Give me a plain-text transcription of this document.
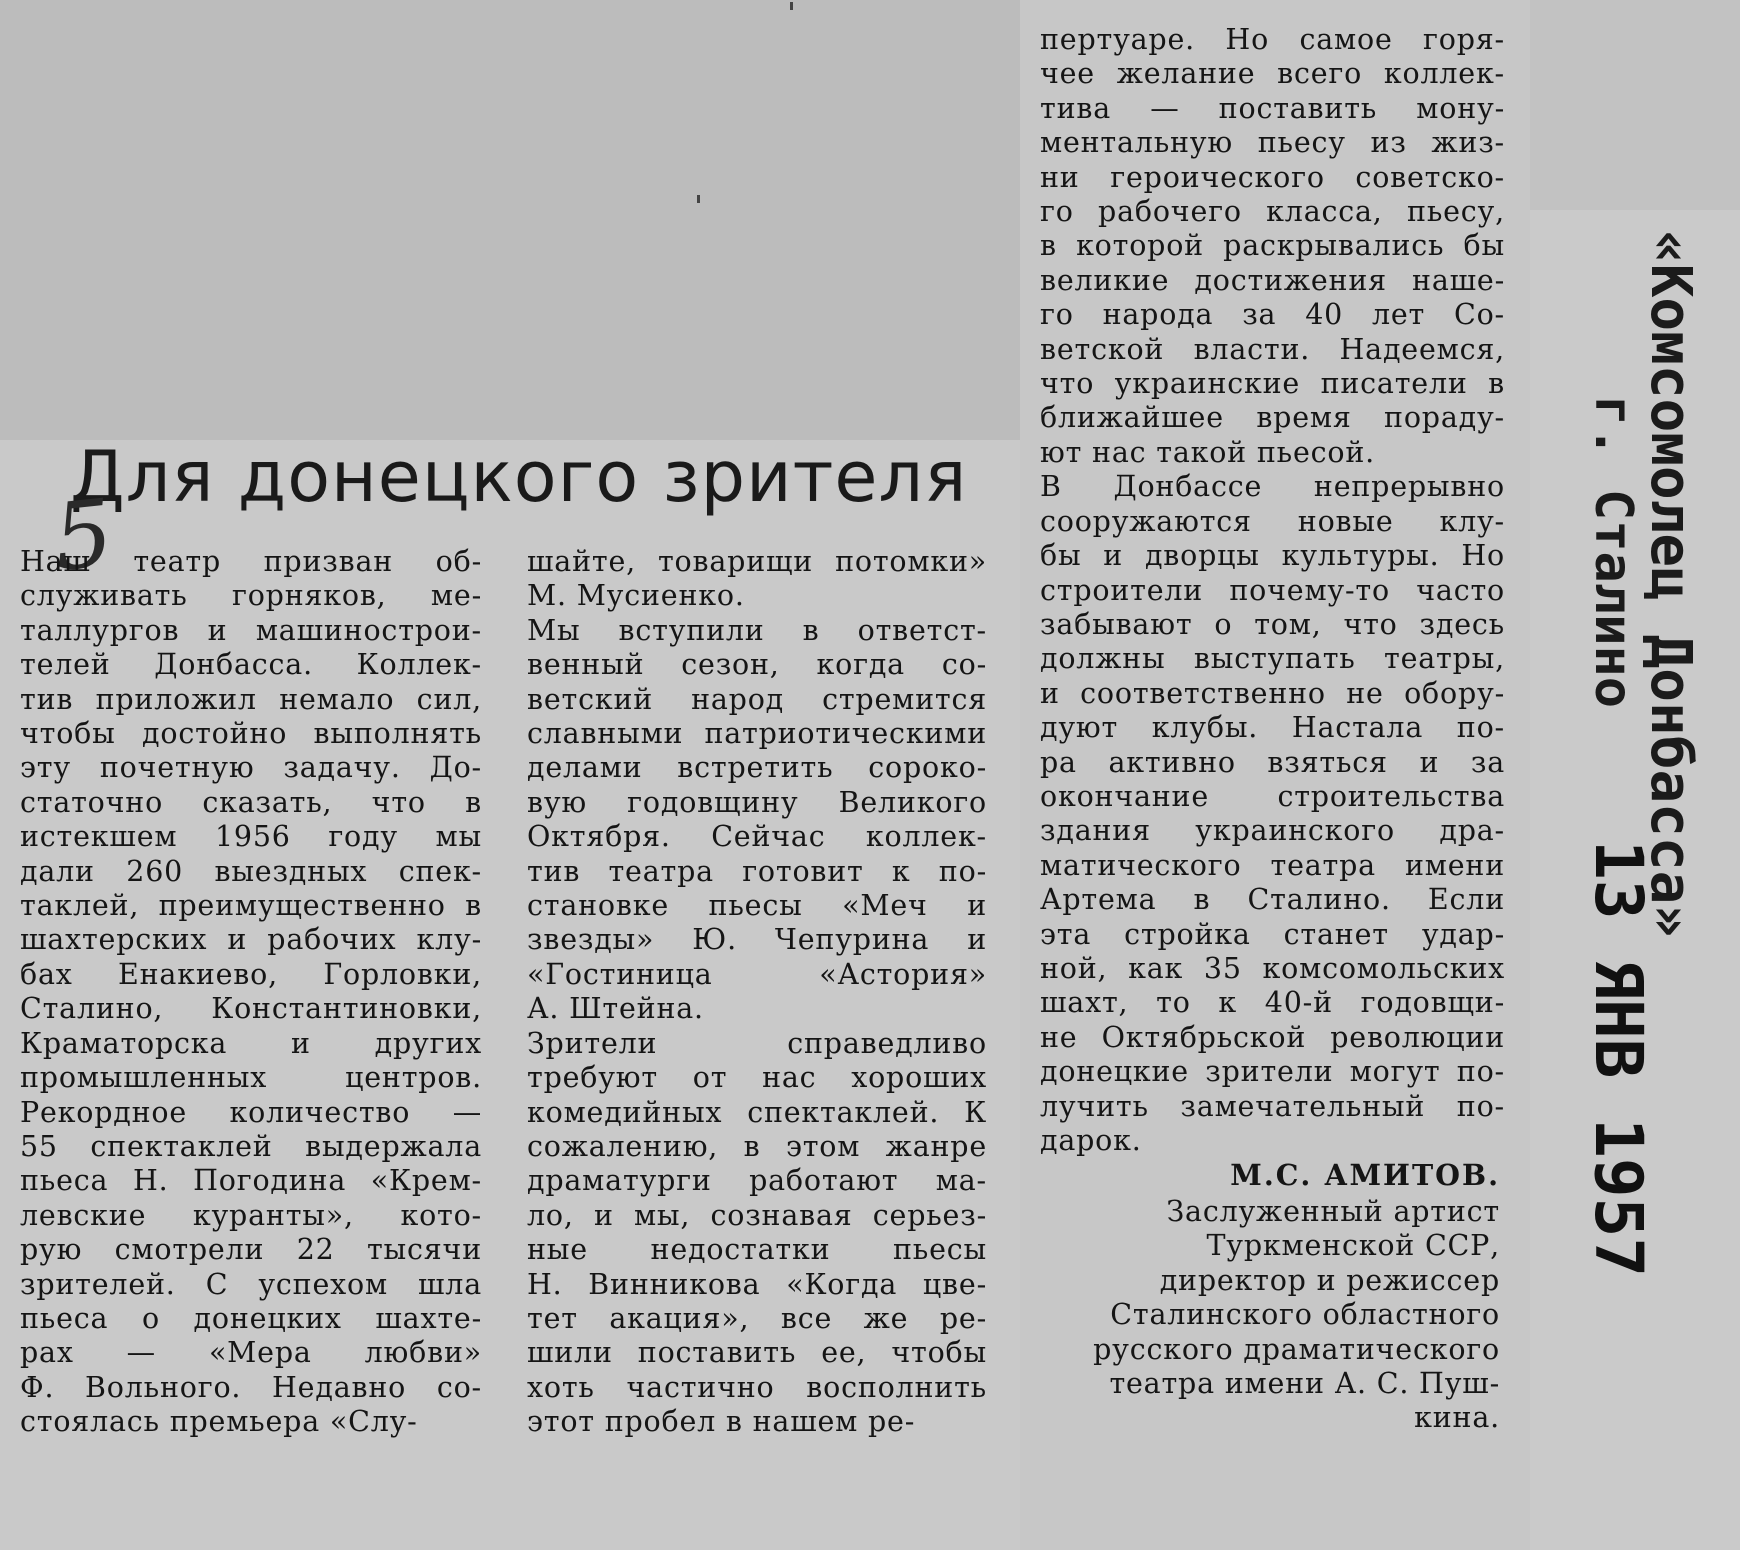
Для донецкого зрителя
5
Наш театр призван об-
служивать горняков, ме-
таллургов и машинострои-
телей Донбасса. Коллек-
тив приложил немало сил,
чтобы достойно выполнять
эту почетную задачу. До-
статочно сказать, что в
истекшем 1956 году мы
дали 260 выездных спек-
таклей, преимущественно в
шахтерских и рабочих клу-
бах Енакиево, Горловки,
Сталино, Константиновки,
Краматорска и других
промышленных центров.
Рекордное количество —
55 спектаклей выдержала
пьеса Н. Погодина «Крем-
левские куранты», кото-
рую смотрели 22 тысячи
зрителей. С успехом шла
пьеса о донецких шахте-
рах — «Мера любви»
Ф. Вольного. Недавно со-
стоялась премьера «Слу-
шайте, товарищи потомки»
М. Мусиенко.
Мы вступили в ответст-
венный сезон, когда со-
ветский народ стремится
славными патриотическими
делами встретить сороко-
вую годовщину Великого
Октября. Сейчас коллек-
тив театра готовит к по-
становке пьесы «Меч и
звезды» Ю. Чепурина и
«Гостиница «Астория»
А. Штейна.
Зрители справедливо
требуют от нас хороших
комедийных спектаклей. К
сожалению, в этом жанре
драматурги работают ма-
ло, и мы, сознавая серьез-
ные недостатки пьесы
Н. Винникова «Когда цве-
тет акация», все же ре-
шили поставить ее, чтобы
хоть частично восполнить
этот пробел в нашем ре-
пертуаре. Но самое горя-
чее желание всего коллек-
тива — поставить мону-
ментальную пьесу из жиз-
ни героического советско-
го рабочего класса, пьесу,
в которой раскрывались бы
великие достижения наше-
го народа за 40 лет Со-
ветской власти. Надеемся,
что украинские писатели в
ближайшее время пораду-
ют нас такой пьесой.
В Донбассе непрерывно
сооружаются новые клу-
бы и дворцы культуры. Но
строители почему-то часто
забывают о том, что здесь
должны выступать театры,
и соответственно не обору-
дуют клубы. Настала по-
ра активно взяться и за
окончание строительства
здания украинского дра-
матического театра имени
Артема в Сталино. Если
эта стройка станет удар-
ной, как 35 комсомольских
шахт, то к 40-й годовщи-
не Октябрьской революции
донецкие зрители могут по-
лучить замечательный по-
дарок.

М.С. АМИТОВ.

Заслуженный артист
Туркменской ССР,
директор и режиссер
Сталинского областного
русского драматического
театра имени А. С. Пуш-
кина.
«Комсомолец Донбасса»
г. Сталино
13 ЯНВ 1957
